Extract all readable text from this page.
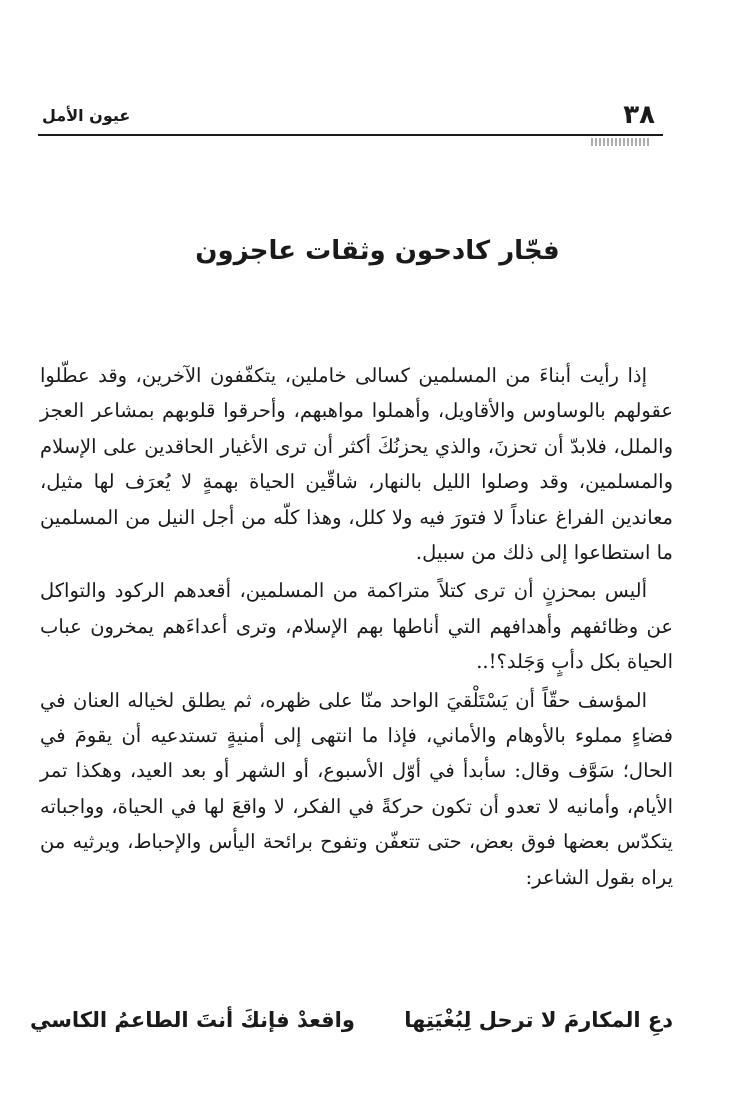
٣٨
عيون الأمل
فجّار كادحون وثقات عاجزون

إذا رأيت أبناءَ من المسلمين كسالى خاملين، يتكفّفون الآخرين، وقد عطّلوا عقولهم بالوساوس والأقاويل، وأهملوا مواهبهم، وأحرقوا قلوبهم بمشاعر العجز والملل، فلابدّ أن تحزنَ، والذي يحزنُكَ أكثر أن ترى الأغيار الحاقدين على الإسلام والمسلمين، وقد وصلوا الليل بالنهار، شاقّين الحياة بهمةٍ لا يُعرَف لها مثيل، معاندين الفراغ عناداً لا فتورَ فيه ولا كلل، وهذا كلّه من أجل النيل من المسلمين ما استطاعوا إلى ذلك من سبيل.

أليس بمحزنٍ أن ترى كتلاً متراكمة من المسلمين، أقعدهم الركود والتواكل عن وظائفهم وأهدافهم التي أناطها بهم الإسلام، وترى أعداءَهم يمخرون عباب الحياة بكل دأبٍ وَجَلد؟!..

المؤسف حقّاً أن يَسْتَلْقيَ الواحد منّا على ظهره، ثم يطلق لخياله العنان في فضاءٍ مملوء بالأوهام والأماني، فإذا ما انتهى إلى أمنيةٍ تستدعيه أن يقومَ في الحال؛ سَوَّف وقال: سأبدأ في أوّل الأسبوع، أو الشهر أو بعد العيد، وهكذا تمر الأيام، وأمانيه لا تعدو أن تكون حركةً في الفكر، لا واقعَ لها في الحياة، وواجباته يتكدّس بعضها فوق بعض، حتى تتعفّن وتفوح برائحة اليأس والإحباط، ويرثيه من يراه بقول الشاعر:

دعِ المكارمَ لا ترحل لِبُغْيَتِها
واقعدْ فإنكَ أنتَ الطاعمُ الكاسي
